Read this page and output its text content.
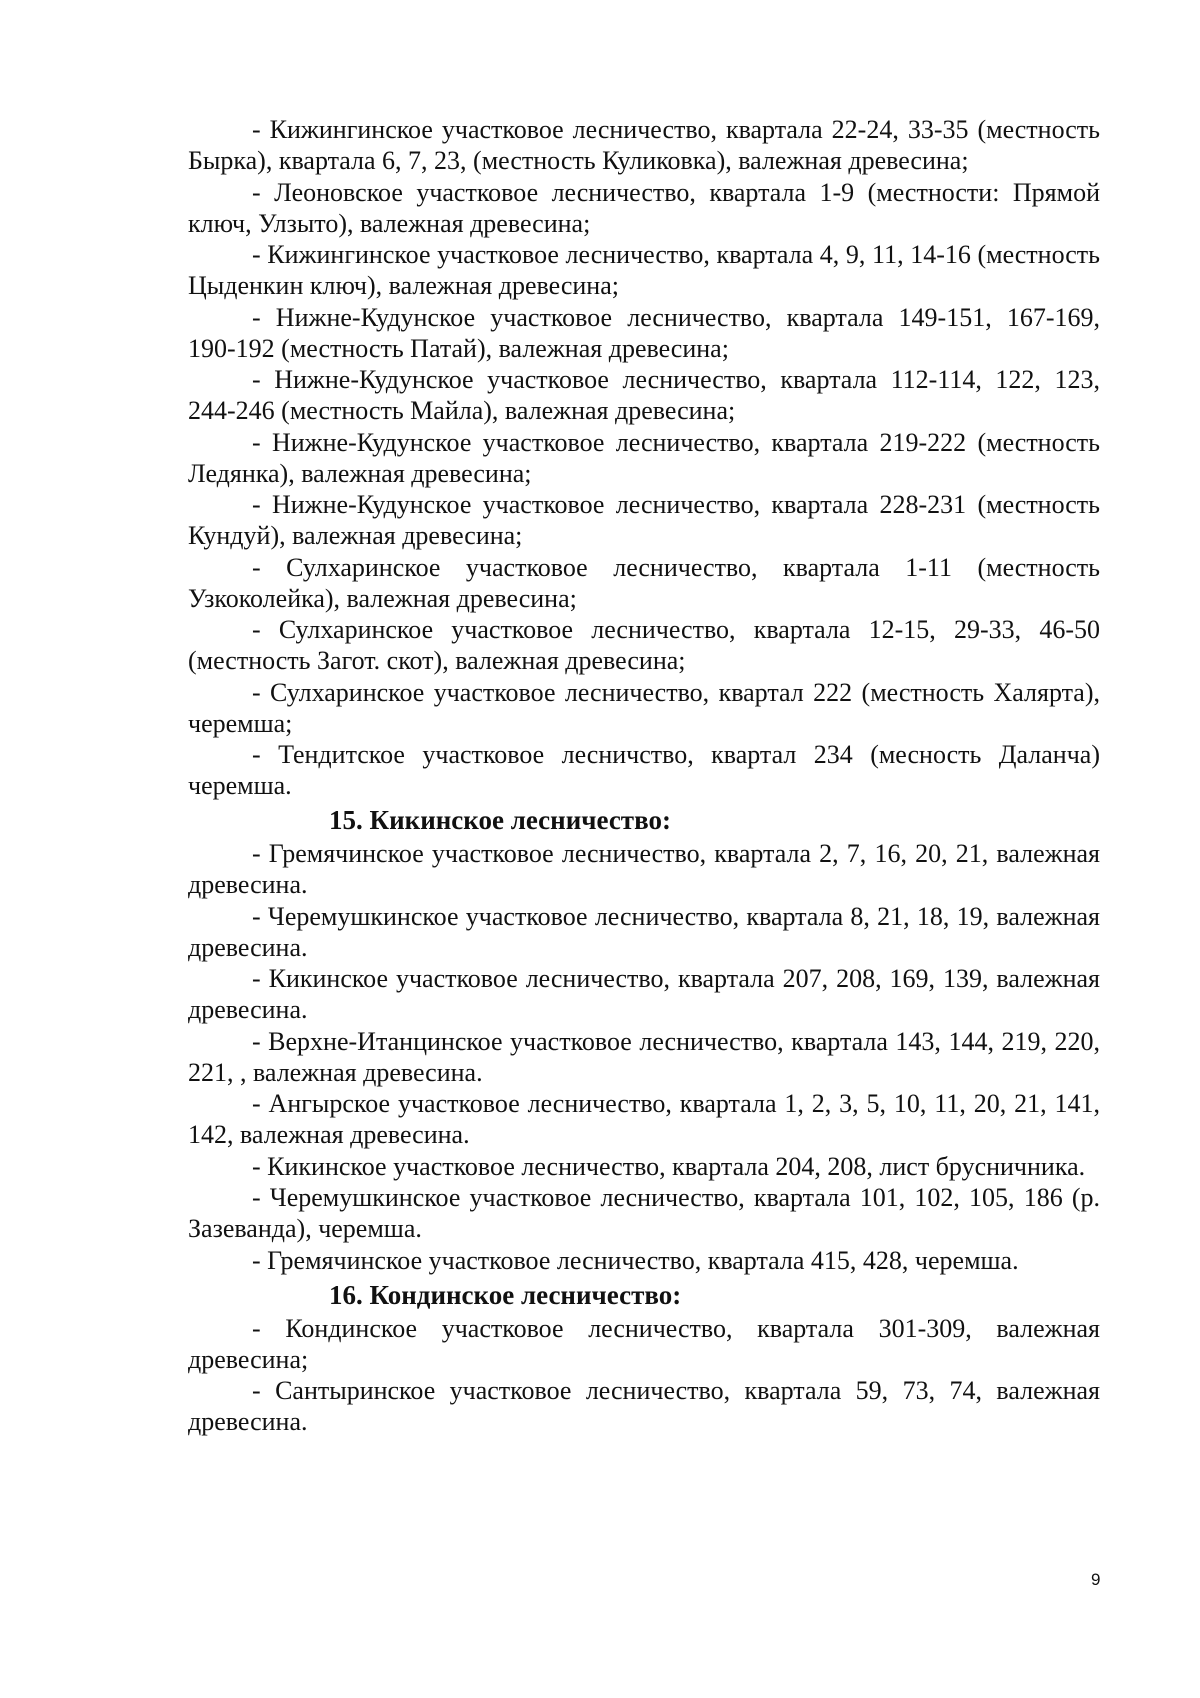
- Кижингинское участковое лесничество, квартала 22-24, 33-35 (местность Бырка), квартала 6, 7, 23, (местность Куликовка), валежная древесина;

- Леоновское участковое лесничество, квартала 1-9 (местности: Прямой ключ, Улзыто), валежная древесина;

- Кижингинское участковое лесничество, квартала 4, 9, 11, 14-16 (местность Цыденкин ключ), валежная древесина;

- Нижне-Кудунское участковое лесничество, квартала 149-151, 167-169, 190-192 (местность Патай), валежная древесина;

- Нижне-Кудунское участковое лесничество, квартала 112-114, 122, 123, 244-246 (местность Майла), валежная древесина;

- Нижне-Кудунское участковое лесничество, квартала 219-222 (местность Ледянка), валежная древесина;

- Нижне-Кудунское участковое лесничество, квартала 228-231 (местность Кундуй), валежная древесина;

- Сулхаринское участковое лесничество, квартала 1-11 (местность Узкоколейка), валежная древесина;

- Сулхаринское участковое лесничество, квартала 12-15, 29-33, 46-50 (местность Загот. скот), валежная древесина;

- Сулхаринское участковое лесничество, квартал 222 (местность Халярта), черемша;

- Тендитское участковое лесничство, квартал 234 (месность Даланча) черемша.

15. Кикинское лесничество:

- Гремячинское участковое лесничество, квартала 2, 7, 16, 20, 21, валежная древесина.

- Черемушкинское участковое лесничество, квартала 8, 21, 18, 19, валежная древесина.

- Кикинское участковое лесничество, квартала 207, 208, 169, 139, валежная древесина.

- Верхне-Итанцинское участковое лесничество, квартала 143, 144, 219, 220, 221, , валежная древесина.

- Ангырское участковое лесничество, квартала 1, 2, 3, 5, 10, 11, 20, 21, 141, 142, валежная древесина.

- Кикинское участковое лесничество, квартала 204, 208, лист брусничника.

- Черемушкинское участковое лесничество, квартала 101, 102, 105, 186 (р. Зазеванда), черемша.

- Гремячинское участковое лесничество, квартала 415, 428, черемша.

16. Кондинское лесничество:

- Кондинское участковое лесничество, квартала 301-309, валежная древесина;

- Сантыринское участковое лесничество, квартала 59, 73, 74, валежная древесина.

9
